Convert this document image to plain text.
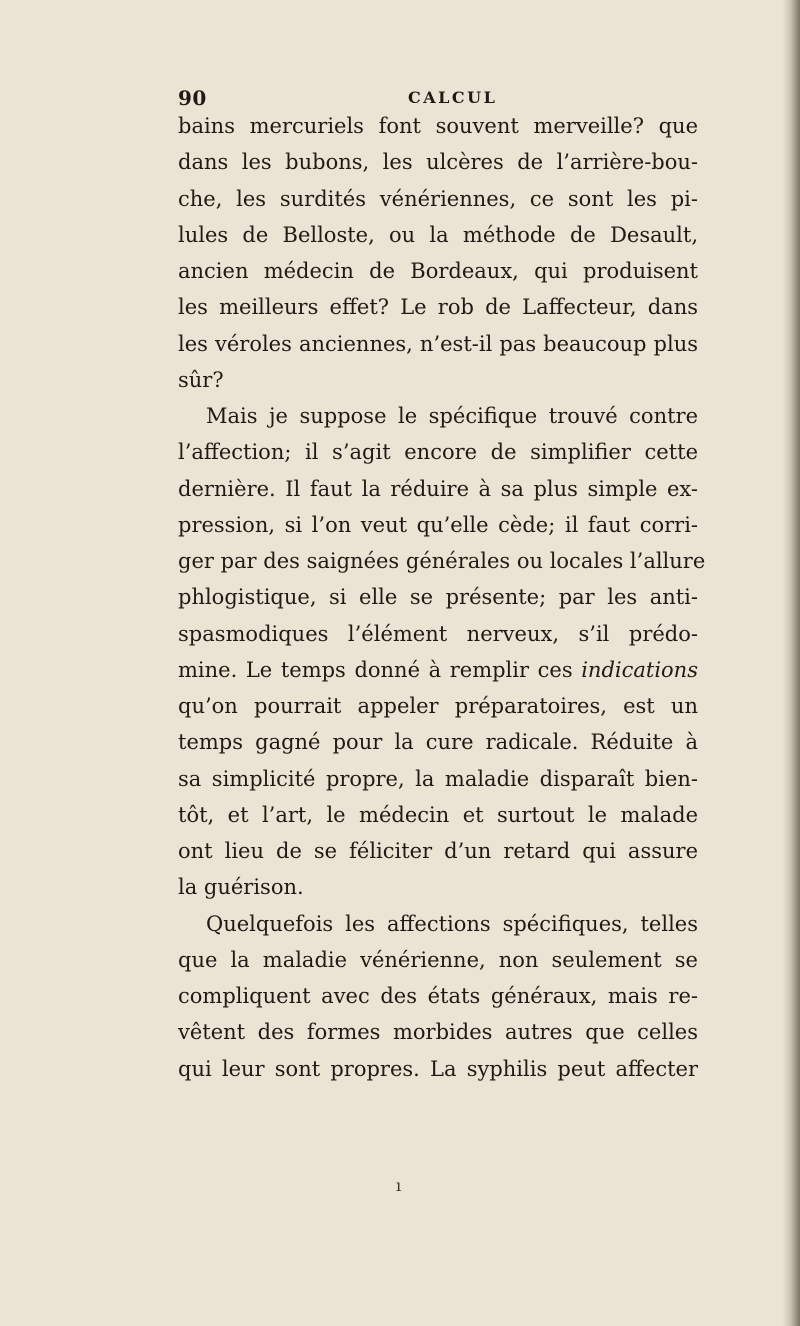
90	CALCUL
bains mercuriels font souvent merveille? que
dans les bubons, les ulcères de l’arrière-bou-
che, les surdités vénériennes, ce sont les pi-
lules de Belloste, ou la méthode de Desault,
ancien médecin de Bordeaux, qui produisent
les meilleurs effet? Le rob de Laffecteur, dans
les véroles anciennes, n’est-il pas beaucoup plus
sûr?
Mais je suppose le spécifique trouvé contre
l’affection; il s’agit encore de simplifier cette
dernière. Il faut la réduire à sa plus simple ex-
pression, si l’on veut qu’elle cède; il faut corri-
ger par des saignées générales ou locales l’allure
phlogistique, si elle se présente; par les anti-
spasmodiques l’élément nerveux, s’il prédo-
mine. Le temps donné à remplir ces indications
qu’on pourrait appeler préparatoires, est un
temps gagné pour la cure radicale. Réduite à
sa simplicité propre, la maladie disparaît bien-
tôt, et l’art, le médecin et surtout le malade
ont lieu de se féliciter d’un retard qui assure
la guérison.
Quelquefois les affections spécifiques, telles
que la maladie vénérienne, non seulement se
compliquent avec des états généraux, mais re-
vêtent des formes morbides autres que celles
qui leur sont propres. La syphilis peut affecter
ı
